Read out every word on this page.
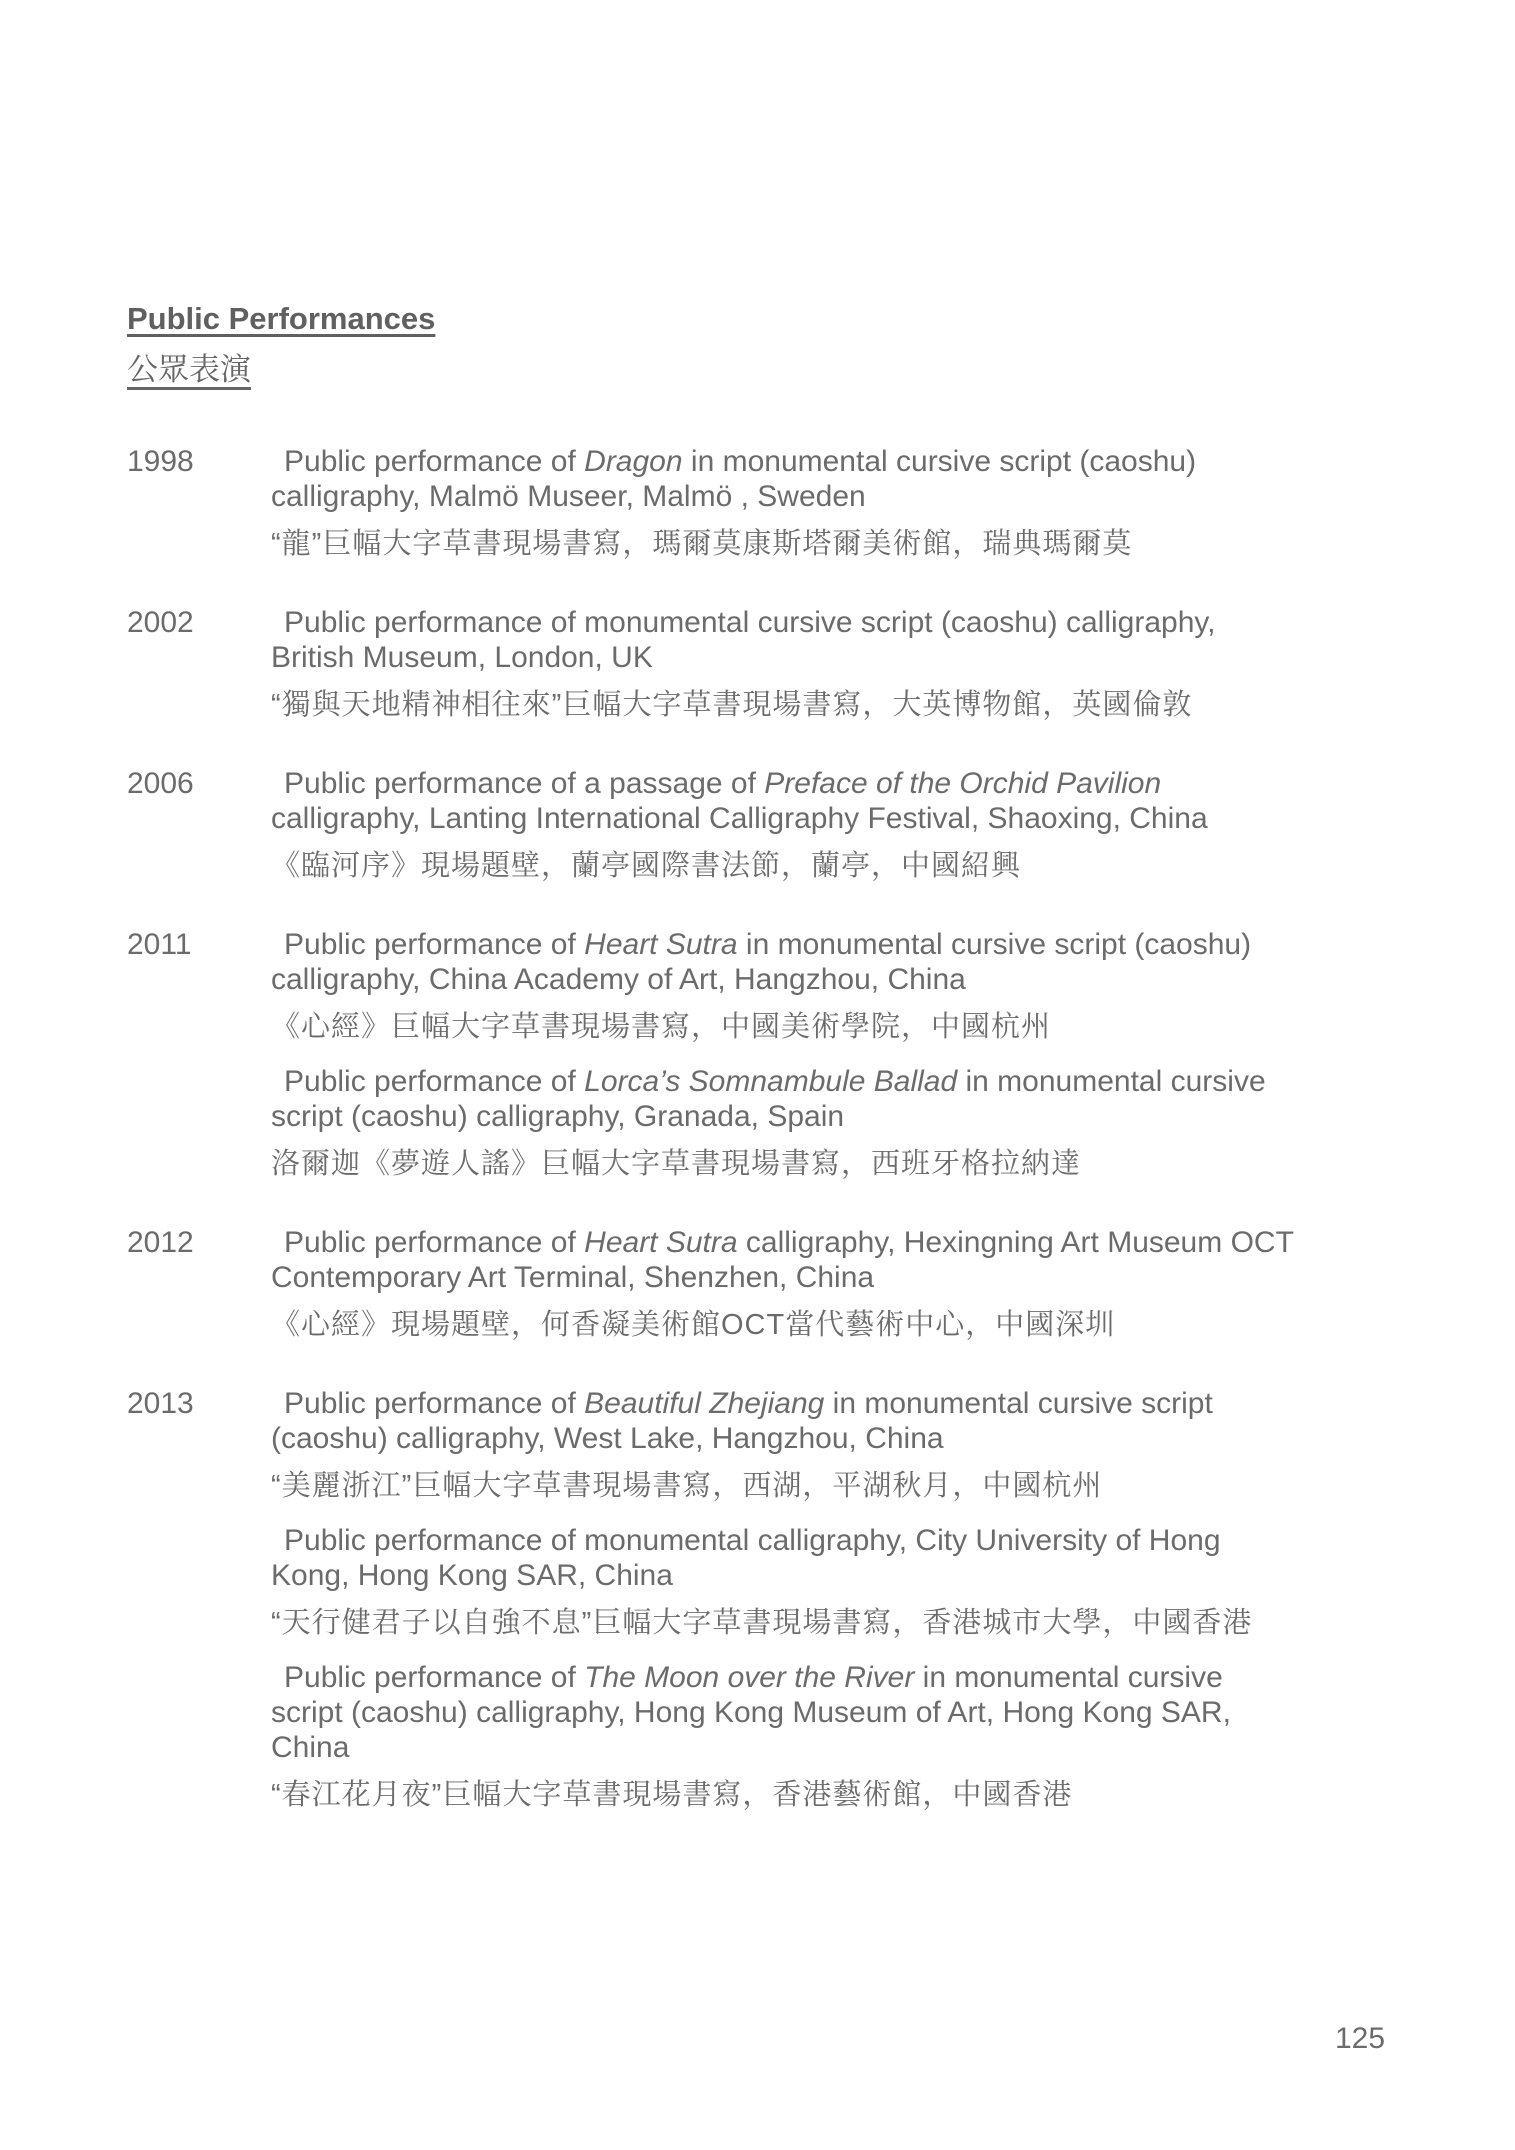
Public Performances
公眾表演
1998	Public performance of Dragon in monumental cursive script (caoshu)
calligraphy, Malmö Museer, Malmö , Sweden
“龍”巨幅大字草書現場書寫，瑪爾莫康斯塔爾美術館，瑞典瑪爾莫
2002	Public performance of monumental cursive script (caoshu) calligraphy,
British Museum, London, UK
“獨與天地精神相往來”巨幅大字草書現場書寫，大英博物館，英國倫敦
2006	Public performance of a passage of Preface of the Orchid Pavilion
calligraphy, Lanting International Calligraphy Festival, Shaoxing, China
《臨河序》現場題壁，蘭亭國際書法節，蘭亭，中國紹興
2011	Public performance of Heart Sutra in monumental cursive script (caoshu)
calligraphy, China Academy of Art, Hangzhou, China
《心經》巨幅大字草書現場書寫，中國美術學院，中國杭州
Public performance of Lorca’s Somnambule Ballad in monumental cursive
script (caoshu) calligraphy, Granada, Spain
洛爾迦《夢遊人謠》巨幅大字草書現場書寫，西班牙格拉納達
2012	Public performance of Heart Sutra calligraphy, Hexingning Art Museum OCT
Contemporary Art Terminal, Shenzhen, China
《心經》現場題壁，何香凝美術館OCT當代藝術中心，中國深圳
2013	Public performance of Beautiful Zhejiang in monumental cursive script
(caoshu) calligraphy, West Lake, Hangzhou, China
“美麗浙江”巨幅大字草書現場書寫，西湖，平湖秋月，中國杭州
Public performance of monumental calligraphy, City University of Hong
Kong, Hong Kong SAR, China
“天行健君子以自強不息”巨幅大字草書現場書寫，香港城市大學，中國香港
Public performance of The Moon over the River in monumental cursive
script (caoshu) calligraphy, Hong Kong Museum of Art, Hong Kong SAR,
China
“春江花月夜”巨幅大字草書現場書寫，香港藝術館，中國香港
125
